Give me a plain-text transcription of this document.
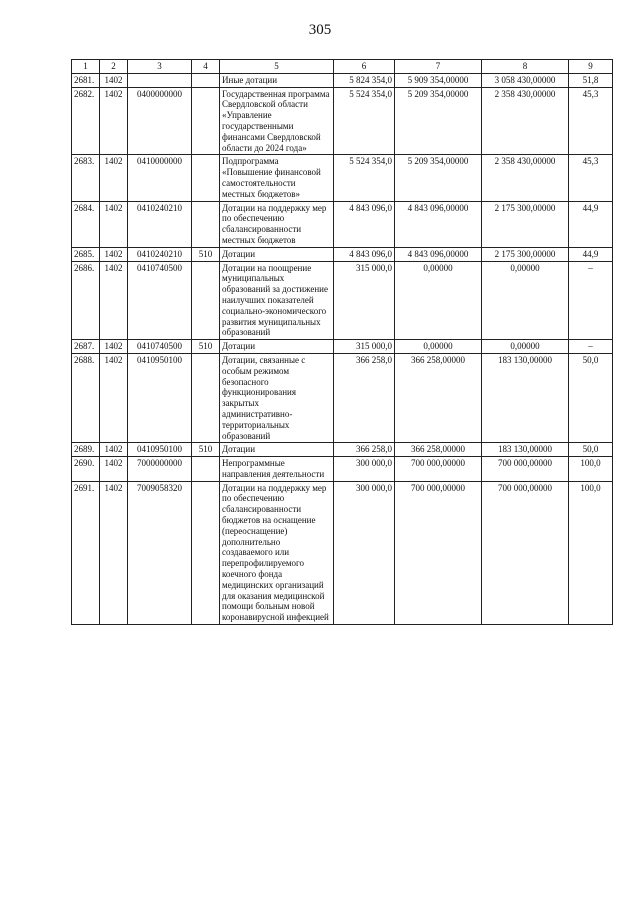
305
1	2	3	4	5	6	7	8	9
2681.	1402			Иные дотации	5 824 354,0	5 909 354,00000	3 058 430,00000	51,8
2682.	1402	0400000000		Государственная программа Свердловской области «Управление государственными финансами Свердловской области до 2024 года»	5 524 354,0	5 209 354,00000	2 358 430,00000	45,3
2683.	1402	0410000000		Подпрограмма «Повышение финансовой самостоятельности местных бюджетов»	5 524 354,0	5 209 354,00000	2 358 430,00000	45,3
2684.	1402	0410240210		Дотации на поддержку мер по обеспечению сбалансированности местных бюджетов	4 843 096,0	4 843 096,00000	2 175 300,00000	44,9
2685.	1402	0410240210	510	Дотации	4 843 096,0	4 843 096,00000	2 175 300,00000	44,9
2686.	1402	0410740500		Дотации на поощрение муниципальных образований за достижение наилучших показателей социально-экономического развития муниципальных образований	315 000,0	0,00000	0,00000	–
2687.	1402	0410740500	510	Дотации	315 000,0	0,00000	0,00000	–
2688.	1402	0410950100		Дотации, связанные с особым режимом безопасного функционирования закрытых административно-территориальных образований	366 258,0	366 258,00000	183 130,00000	50,0
2689.	1402	0410950100	510	Дотации	366 258,0	366 258,00000	183 130,00000	50,0
2690.	1402	7000000000		Непрограммные направления деятельности	300 000,0	700 000,00000	700 000,00000	100,0
2691.	1402	7009058320		Дотации на поддержку мер по обеспечению сбалансированности бюджетов на оснащение (переоснащение) дополнительно создаваемого или перепрофилируемого коечного фонда медицинских организаций для оказания медицинской помощи больным новой коронавирусной инфекцией	300 000,0	700 000,00000	700 000,00000	100,0
